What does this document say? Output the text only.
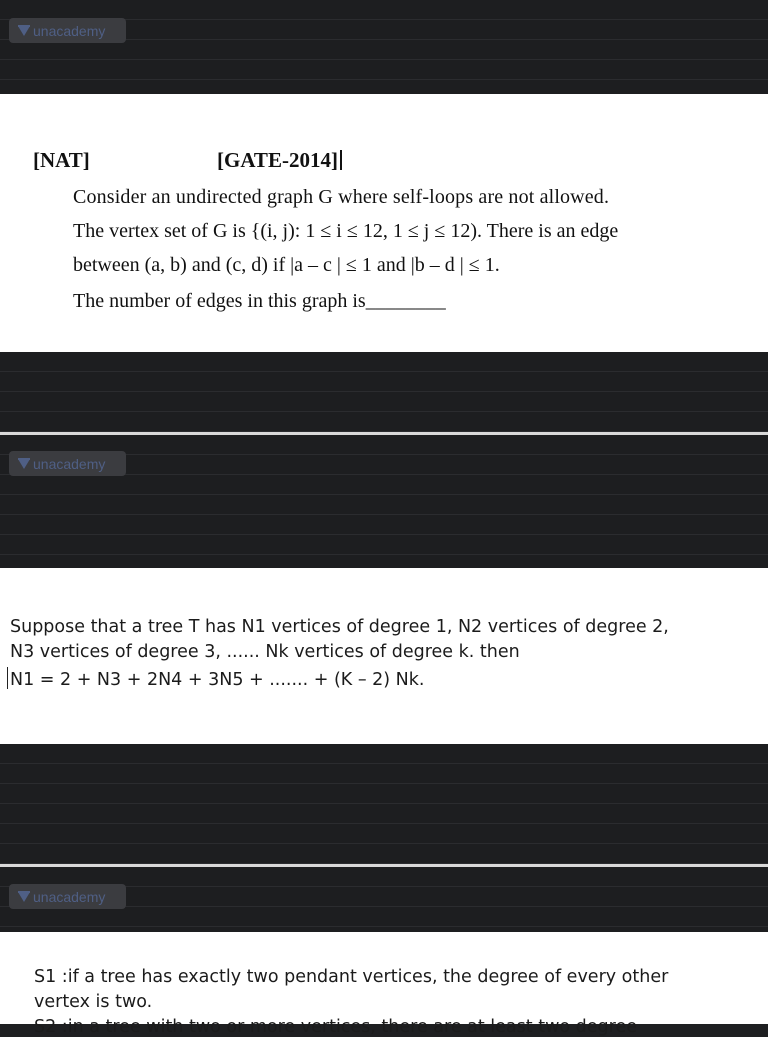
unacademy
unacademy
unacademy
[NAT]	[GATE-2014]
Consider an undirected graph G where self-loops are not allowed.
The vertex set of G is {(i, j): 1 ≤ i ≤ 12, 1 ≤ j ≤ 12). There is an edge
between (a, b) and (c, d) if |a – c | ≤ 1 and |b – d | ≤ 1.
The number of edges in this graph is________
Suppose that a tree T has N1 vertices of degree 1, N2 vertices of degree 2,
N3 vertices of degree 3, ...... Nk vertices of degree k. then
N1 = 2 + N3 + 2N4 + 3N5 + ....... + (K – 2) Nk.
S1 :if a tree has exactly two pendant vertices, the degree of every other
vertex is two.
S2 :in a tree with two or more vertices, there are at least two degree
